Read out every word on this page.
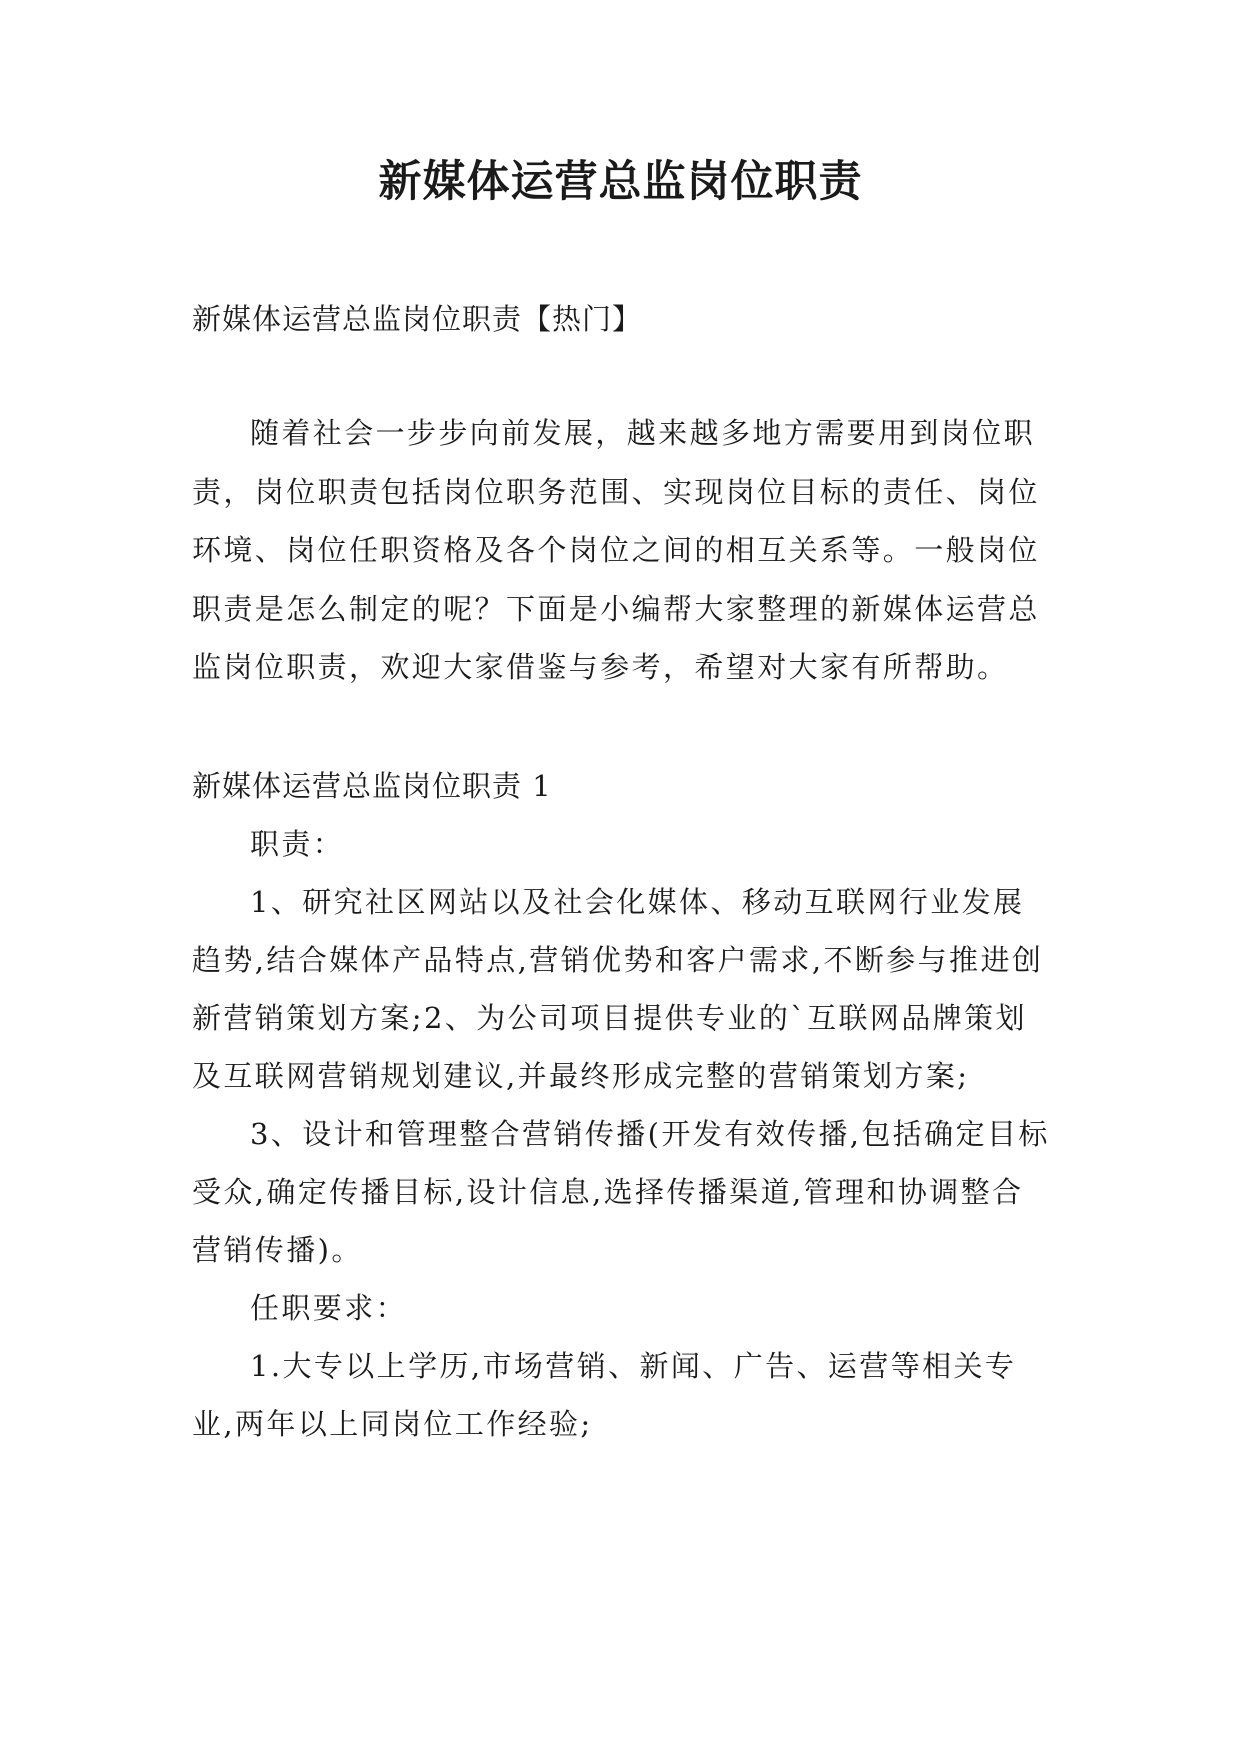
新媒体运营总监岗位职责

新媒体运营总监岗位职责【热门】

随着社会一步步向前发展，越来越多地方需要用到岗位职责，岗位职责包括岗位职务范围、实现岗位目标的责任、岗位环境、岗位任职资格及各个岗位之间的相互关系等。一般岗位职责是怎么制定的呢？下面是小编帮大家整理的新媒体运营总监岗位职责，欢迎大家借鉴与参考，希望对大家有所帮助。

新媒体运营总监岗位职责 1

职责：

1、研究社区网站以及社会化媒体、移动互联网行业发展趋势,结合媒体产品特点,营销优势和客户需求,不断参与推进创新营销策划方案;2、为公司项目提供专业的`互联网品牌策划及互联网营销规划建议,并最终形成完整的营销策划方案;

3、设计和管理整合营销传播(开发有效传播,包括确定目标受众,确定传播目标,设计信息,选择传播渠道,管理和协调整合营销传播)。

任职要求：

1.大专以上学历,市场营销、新闻、广告、运营等相关专业,两年以上同岗位工作经验;
